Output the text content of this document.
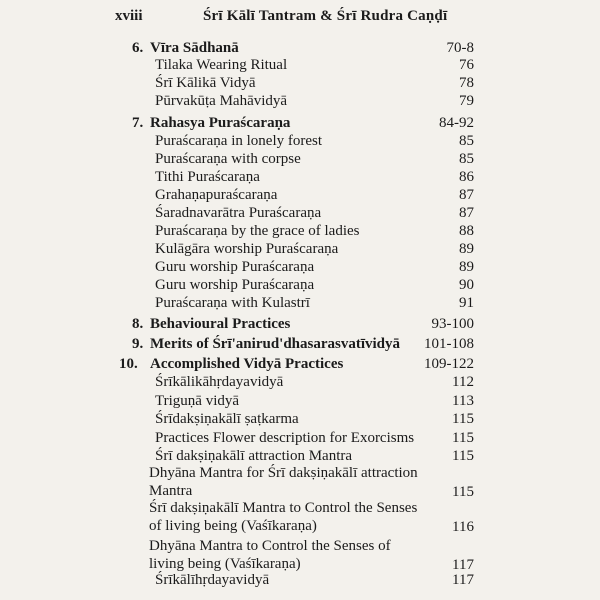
xviii	Śrī Kālī Tantram & Śrī Rudra Caṇḍī
6. Vīra Sādhanā	70-8
Tilaka Wearing Ritual	76
Śrī Kālikā Vidyā	78
Pūrvakūṭa Mahāvidyā	79
7. Rahasya Puraścaraṇa	84-92
Puraścaraṇa in lonely forest	85
Puraścaraṇa with corpse	85
Tithi Puraścaraṇa	86
Grahaṇapuraścaraṇa	87
Śaradnavarātra Puraścaraṇa	87
Puraścaraṇa by the grace of ladies	88
Kulāgāra worship Puraścaraṇa	89
Guru worship Puraścaraṇa	89
Guru worship Puraścaraṇa	90
Puraścaraṇa with Kulastrī	91
8. Behavioural Practices	93-100
9. Merits of Śrī'anirud'dhasarasvatīvidyā 101-108
10. Accomplished Vidyā Practices	109-122
Śrīkālikāhṛdayavidyā	112
Triguṇā vidyā	113
Śrīdakṣiṇakālī ṣaṭkarma	115
Practices Flower description for Exorcisms	115
Śrī dakṣiṇakālī attraction Mantra	115
Dhyāna Mantra for Śrī dakṣiṇakālī attraction Mantra	115
Śrī dakṣiṇakālī Mantra to Control the Senses of living being (Vaśīkaraṇa)	116
Dhyāna Mantra to Control the Senses of living being (Vaśīkaraṇa)	117
Śrīkālīhṛdayavidyā	117
